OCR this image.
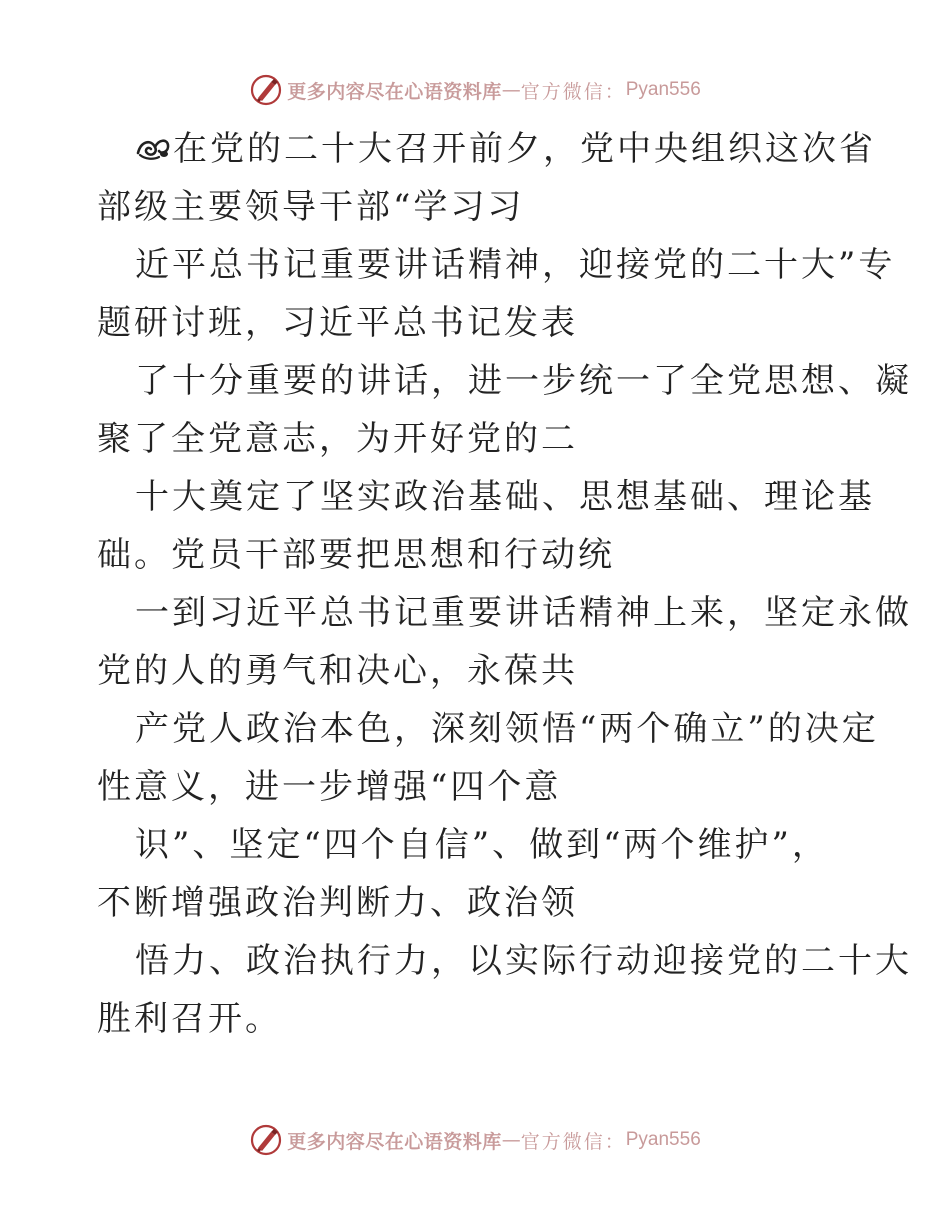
更多内容尽在心语资料库 — 官方微信： Pyan556
在党的二十大召开前夕，党中央组织这次省
部级主要领导干部“学习习
近平总书记重要讲话精神，迎接党的二十大”专
题研讨班，习近平总书记发表
了十分重要的讲话，进一步统一了全党思想、凝
聚了全党意志，为开好党的二
十大奠定了坚实政治基础、思想基础、理论基
础。党员干部要把思想和行动统
一到习近平总书记重要讲话精神上来，坚定永做
党的人的勇气和决心，永葆共
产党人政治本色，深刻领悟“两个确立”的决定
性意义，进一步增强“四个意
识”、坚定“四个自信”、做到“两个维护”，
不断增强政治判断力、政治领
悟力、政治执行力，以实际行动迎接党的二十大
胜利召开。
更多内容尽在心语资料库 — 官方微信： Pyan556
